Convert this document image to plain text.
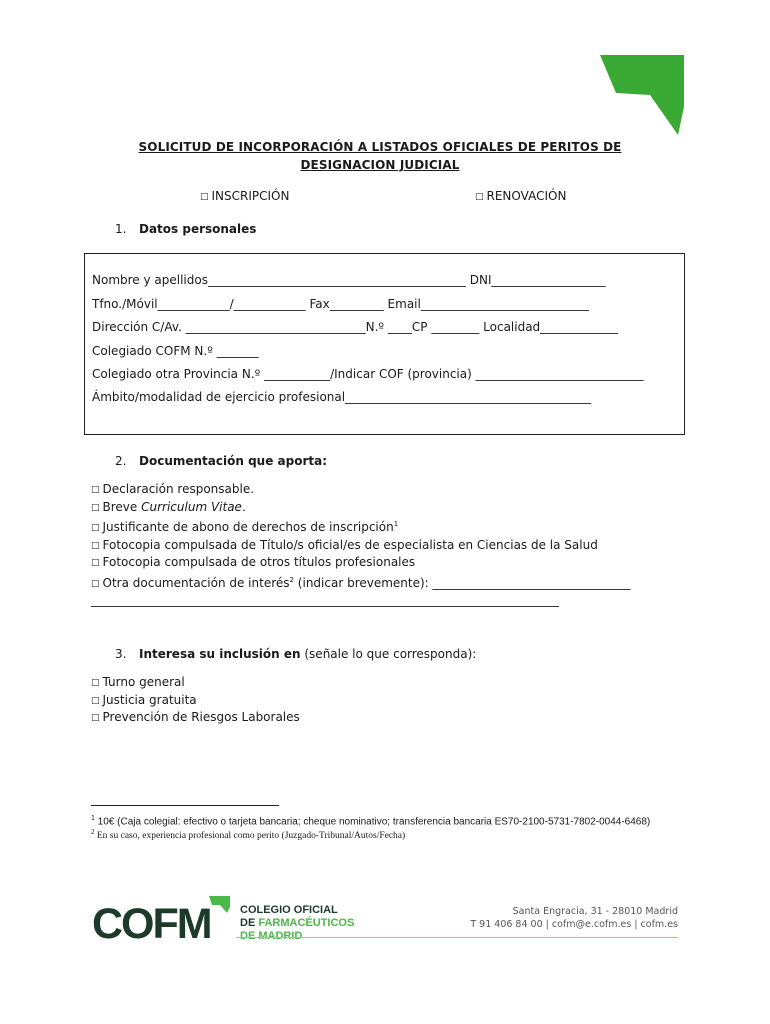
SOLICITUD DE INCORPORACIÓN A LISTADOS OFICIALES DE PERITOS DE
DESIGNACION JUDICIAL
□ INSCRIPCIÓN	□ RENOVACIÓN
1. Datos personales
Nombre y apellidos___________________________________________ DNI___________________
Tfno./Móvil____________/____________ Fax_________ Email____________________________
Dirección C/Av. ______________________________N.º ____CP ________ Localidad_____________
Colegiado COFM N.º _______
Colegiado otra Provincia N.º ___________/Indicar COF (provincia) ____________________________
Ámbito/modalidad de ejercicio profesional_________________________________________
2. Documentación que aporta:
□ Declaración responsable.
□ Breve Curriculum Vitae.
□ Justificante de abono de derechos de inscripción$^1$
□ Fotocopia compulsada de Título/s oficial/es de especialista en Ciencias de la Salud
□ Fotocopia compulsada de otros títulos profesionales
□ Otra documentación de interés$^2$ (indicar brevemente): _________________________________
______________________________________________________________________________
3. Interesa su inclusión en (señale lo que corresponda):
□ Turno general
□ Justicia gratuita
□ Prevención de Riesgos Laborales
$^1$ 10€ (Caja colegial: efectivo o tarjeta bancaria; cheque nominativo; transferencia bancaria ES70-2100-5731-7802-0044-6468)
$^2$ En su caso, experiencia profesional como perito (Juzgado-Tribunal/Autos/Fecha)
COFM	COLEGIO OFICIAL
DE FARMACÉUTICOS
DE MADRID
Santa Engracia, 31 - 28010 Madrid
T 91 406 84 00 | cofm@e.cofm.es | cofm.es
